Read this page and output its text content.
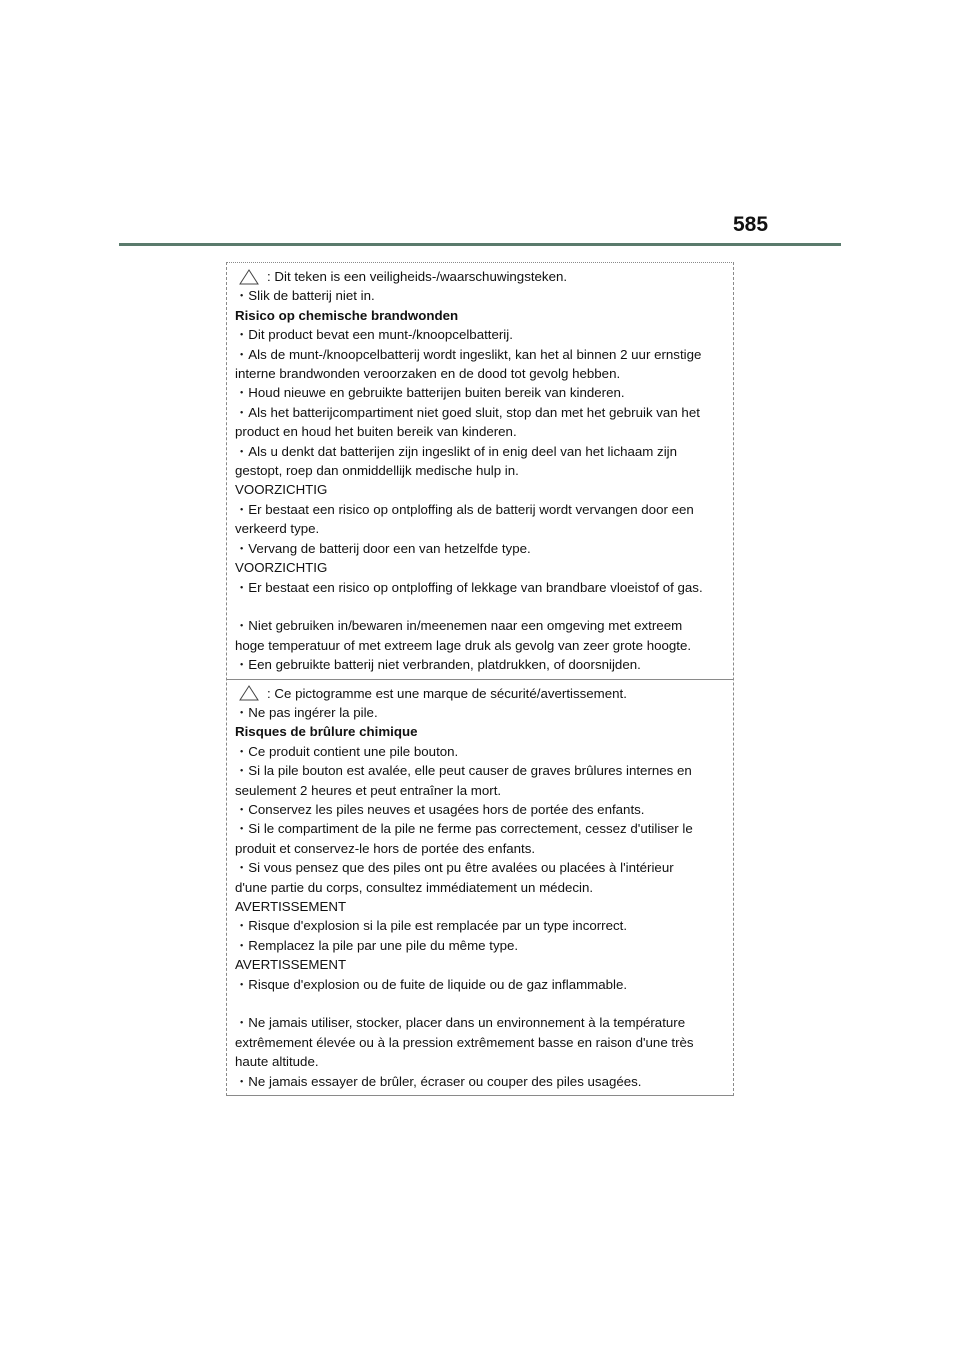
585
: Dit teken is een veiligheids-/waarschuwingsteken.
・Slik de batterij niet in.
Risico op chemische brandwonden
・Dit product bevat een munt-/knoopcelbatterij.
・Als de munt-/knoopcelbatterij wordt ingeslikt, kan het al binnen 2 uur ernstige
interne brandwonden veroorzaken en de dood tot gevolg hebben.
・Houd nieuwe en gebruikte batterijen buiten bereik van kinderen.
・Als het batterijcompartiment niet goed sluit, stop dan met het gebruik van het
product en houd het buiten bereik van kinderen.
・Als u denkt dat batterijen zijn ingeslikt of in enig deel van het lichaam zijn
gestopt, roep dan onmiddellijk medische hulp in.
VOORZICHTIG
・Er bestaat een risico op ontploffing als de batterij wordt vervangen door een
verkeerd type.
・Vervang de batterij door een van hetzelfde type.
VOORZICHTIG
・Er bestaat een risico op ontploffing of lekkage van brandbare vloeistof of gas.
・Niet gebruiken in/bewaren in/meenemen naar een omgeving met extreem
hoge temperatuur of met extreem lage druk als gevolg van zeer grote hoogte.
・Een gebruikte batterij niet verbranden, platdrukken, of doorsnijden.
: Ce pictogramme est une marque de sécurité/avertissement.
・Ne pas ingérer la pile.
Risques de brûlure chimique
・Ce produit contient une pile bouton.
・Si la pile bouton est avalée, elle peut causer de graves brûlures internes en
seulement 2 heures et peut entraîner la mort.
・Conservez les piles neuves et usagées hors de portée des enfants.
・Si le compartiment de la pile ne ferme pas correctement, cessez d'utiliser le
produit et conservez-le hors de portée des enfants.
・Si vous pensez que des piles ont pu être avalées ou placées à l'intérieur
d'une partie du corps, consultez immédiatement un médecin.
AVERTISSEMENT
・Risque d'explosion si la pile est remplacée par un type incorrect.
・Remplacez la pile par une pile du même type.
AVERTISSEMENT
・Risque d'explosion ou de fuite de liquide ou de gaz inflammable.
・Ne jamais utiliser, stocker, placer dans un environnement à la température
extrêmement élevée ou à la pression extrêmement basse en raison d'une très
haute altitude.
・Ne jamais essayer de brûler, écraser ou couper des piles usagées.
